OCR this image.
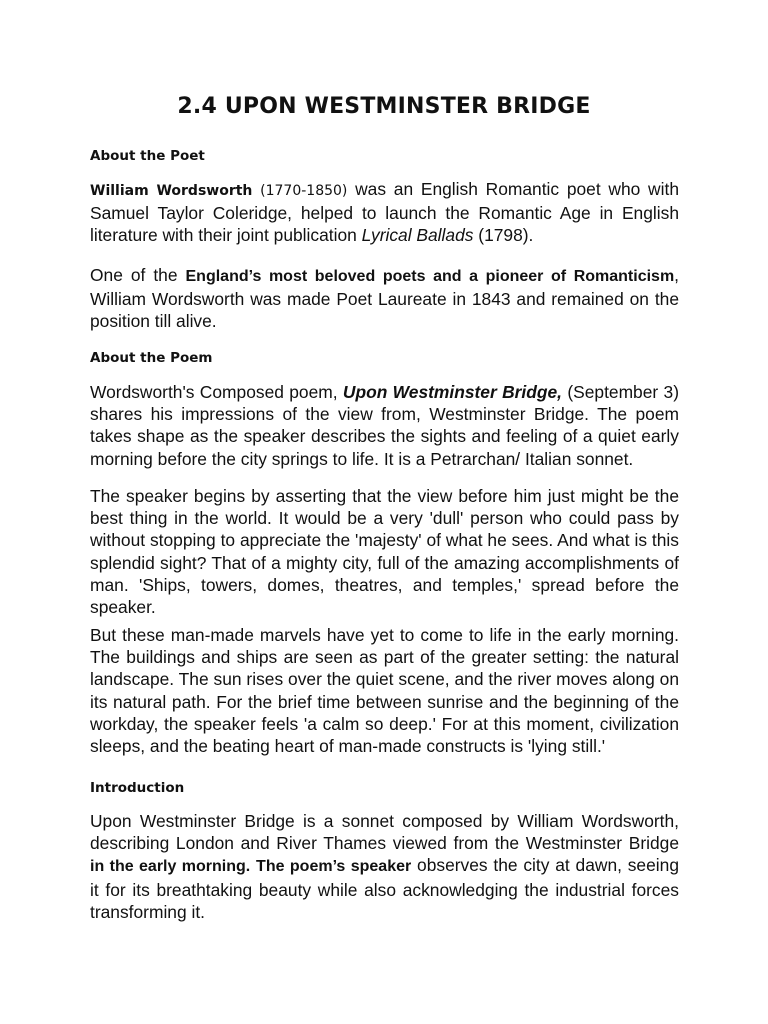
2.4 UPON WESTMINSTER BRIDGE
About the Poet

William Wordsworth (1770-1850) was an English Romantic poet who with Samuel Taylor Coleridge, helped to launch the Romantic Age in English literature with their joint publication Lyrical Ballads (1798).

One of the England’s most beloved poets and a pioneer of Romanticism, William Wordsworth was made Poet Laureate in 1843 and remained on the position till alive.

About the Poem

Wordsworth's Composed poem, Upon Westminster Bridge, (September 3) shares his impressions of the view from, Westminster Bridge. The poem takes shape as the speaker describes the sights and feeling of a quiet early morning before the city springs to life. It is a Petrarchan/ Italian sonnet.

The speaker begins by asserting that the view before him just might be the best thing in the world. It would be a very 'dull' person who could pass by without stopping to appreciate the 'majesty' of what he sees. And what is this splendid sight? That of a mighty city, full of the amazing accomplishments of man. 'Ships, towers, domes, theatres, and temples,' spread before the speaker.

But these man-made marvels have yet to come to life in the early morning. The buildings and ships are seen as part of the greater setting: the natural landscape. The sun rises over the quiet scene, and the river moves along on its natural path. For the brief time between sunrise and the beginning of the workday, the speaker feels 'a calm so deep.' For at this moment, civilization sleeps, and the beating heart of man-made constructs is 'lying still.'

Introduction

Upon Westminster Bridge is a sonnet composed by William Wordsworth, describing London and River Thames viewed from the Westminster Bridge in the early morning. The poem’s speaker observes the city at dawn, seeing it for its breathtaking beauty while also acknowledging the industrial forces transforming it.
